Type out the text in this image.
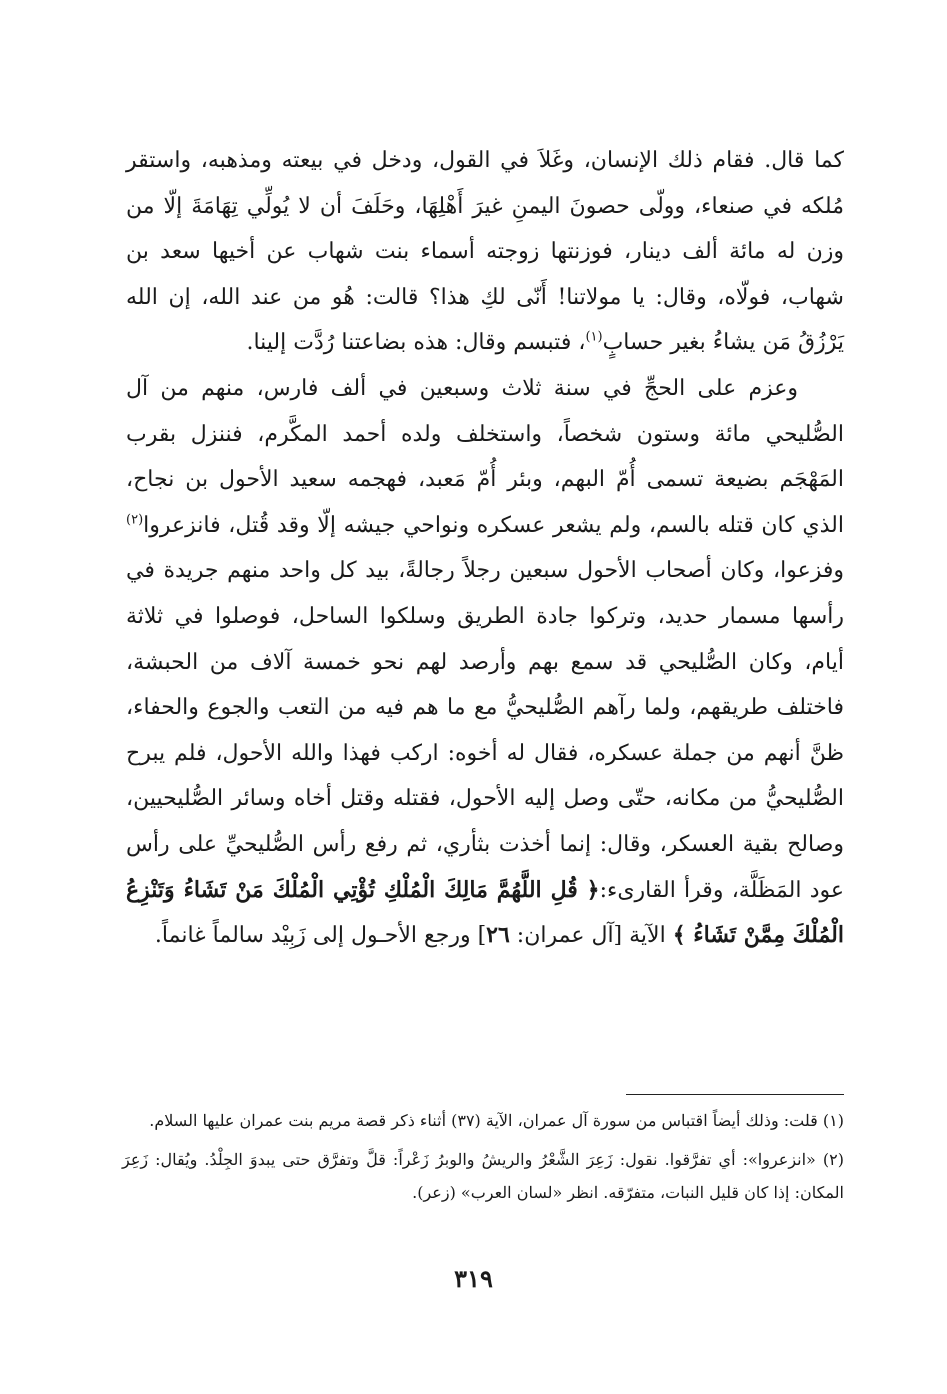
كما قال. فقام ذلك الإنسان، وغَلاَ في القول، ودخل في بيعته ومذهبه، واستقر مُلكه في صنعاء، وولّى حصونَ اليمنِ غيرَ أَهْلِهَا، وحَلَفَ أن لا يُولِّي تِهَامَةَ إلّا من وزن له مائة ألف دينار، فوزنتها زوجته أسماء بنت شهاب عن أخيها سعد بن شهاب، فولّاه، وقال: يا مولاتنا! أَنّى لكِ هذا؟ قالت: هُو من عند الله، إن الله يَرْزُقُ مَن يشاءُ بغير حسابٍ$^{(١)}$، فتبسم وقال: هذه بضاعتنا رُدَّت إلينا.

وعزم على الحجِّ في سنة ثلاث وسبعين في ألف فارس، منهم من آل الصُّليحي مائة وستون شخصاً، واستخلف ولده أحمد المكَّرم، فننزل بقرب المَهْجَم بضيعة تسمى أُمّ البهم، وبئر أُمّ مَعبد، فهجمه سعيد الأحول بن نجاح، الذي كان قتله بالسم، ولم يشعر عسكره ونواحي جيشه إلّا وقد قُتل، فانزعروا$^{(٢)}$ وفزعوا، وكان أصحاب الأحول سبعين رجلاً رجالةً، بيد كل واحد منهم جريدة في رأسها مسمار حديد، وتركوا جادة الطريق وسلكوا الساحل، فوصلوا في ثلاثة أيام، وكان الصُّليحي قد سمع بهم وأرصد لهم نحو خمسة آلاف من الحبشة، فاختلف طريقهم، ولما رآهم الصُّليحيُّ مع ما هم فيه من التعب والجوع والحفاء، ظنَّ أنهم من جملة عسكره، فقال له أخوه: اركب فهذا والله الأحول، فلم يبرح الصُّليحيُّ من مكانه، حتّى وصل إليه الأحول، فقتله وقتل أخاه وسائر الصُّليحيين، وصالح بقية العسكر، وقال: إنما أخذت بثأري، ثم رفع رأس الصُّليحيِّ على رأس عود المَظَلَّة، وقرأ القارىء:﴿ قُلِ اللَّهُمَّ مَالِكَ الْمُلْكِ تُؤْتِي الْمُلْكَ مَنْ تَشَاءُ وَتَنْزِعُ الْمُلْكَ مِمَّنْ تَشَاءُ ﴾ الآية [آل عمران: ٢٦] ورجع الأحـول إلى زَبِيْد سالماً غانماً.

(١) قلت: وذلك أيضاً اقتباس من سورة آل عمران، الآية (٣٧) أثناء ذكر قصة مريم بنت عمران عليها السلام.

(٢) «انزعروا»: أي تفرَّقوا. نقول: زَعِرَ الشَّعْرُ والريشُ والوبرُ زَعْراً: قلَّ وتفرَّق حتى يبدوَ الجِلْدُ. ويُقال: زَعِرَ المكان: إذا كان قليل النبات، متفرّقه. انظر «لسان العرب» (زعر).

٣١٩
